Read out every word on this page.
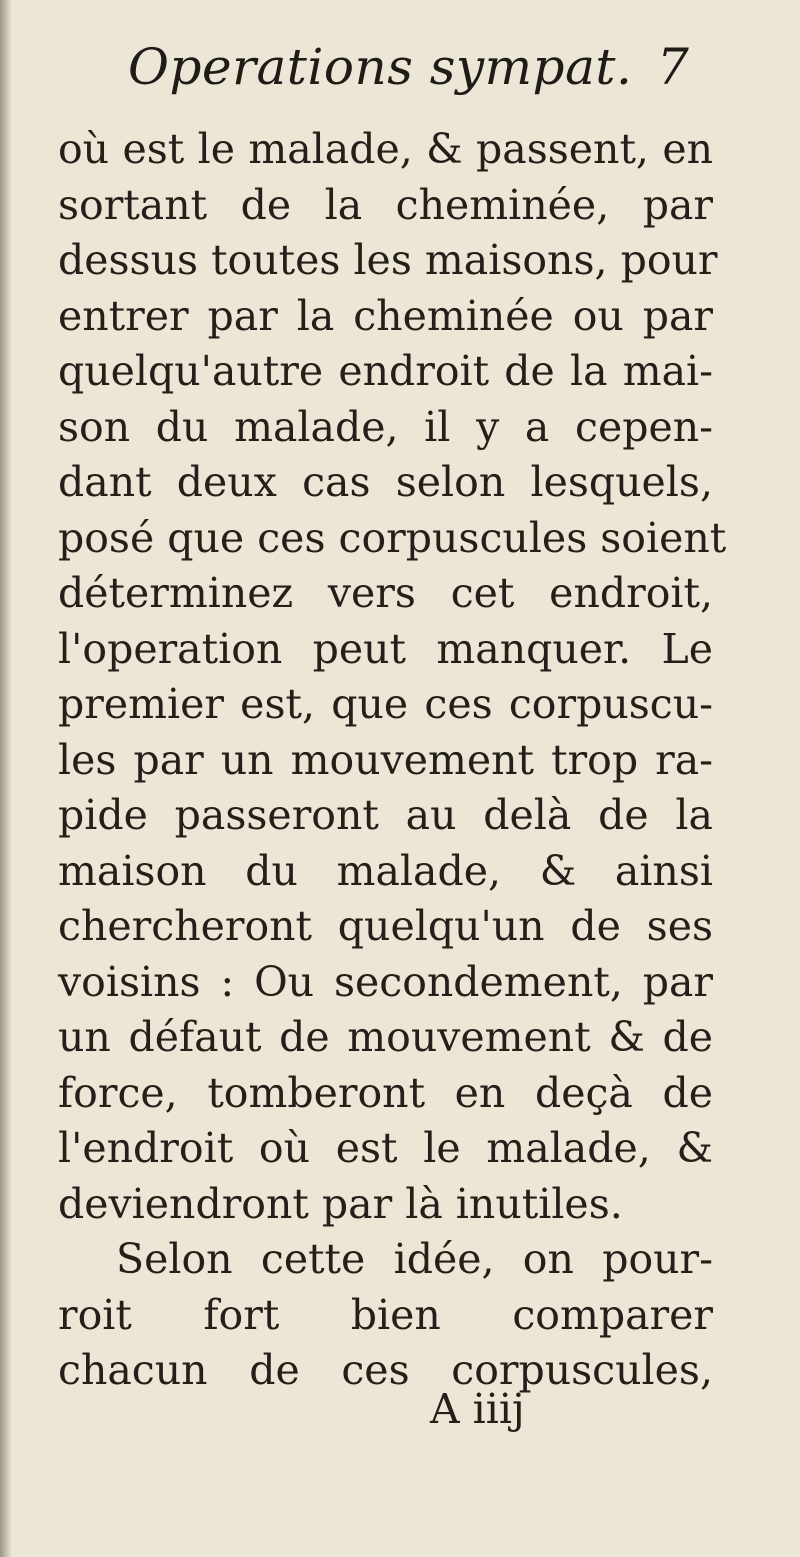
Operations sympat. 7
où est le malade, & passent, en
sortant de la cheminée, par
dessus toutes les maisons, pour
entrer par la cheminée ou par
quelqu'autre endroit de la mai-
son du malade, il y a cepen-
dant deux cas selon lesquels,
posé que ces corpuscules soient
déterminez vers cet endroit,
l'operation peut manquer. Le
premier est, que ces corpuscu-
les par un mouvement trop ra-
pide passeront au delà de la
maison du malade, & ainsi
chercheront quelqu'un de ses
voisins : Ou secondement, par
un défaut de mouvement & de
force, tomberont en deçà de
l'endroit où est le malade, &
deviendront par là inutiles.
Selon cette idée, on pour-
roit fort bien comparer
chacun de ces corpuscules,
A iiij
